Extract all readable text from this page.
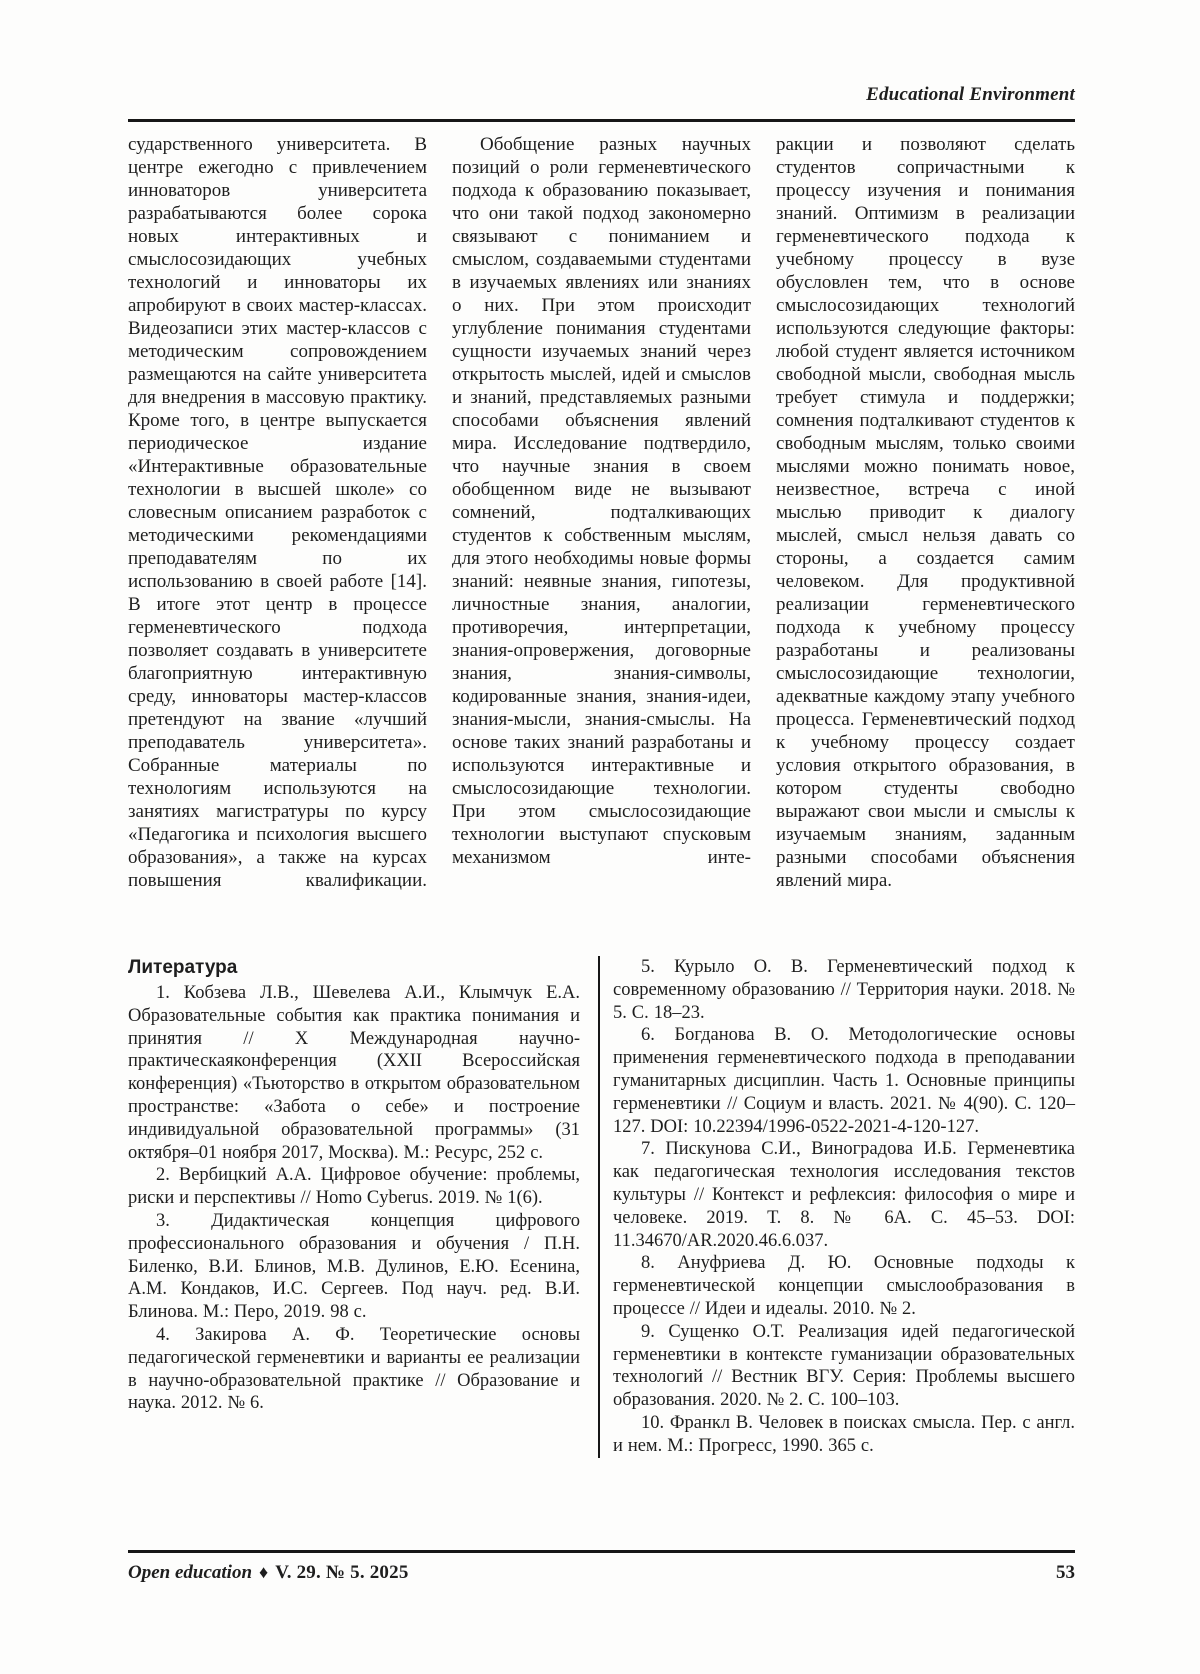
Educational Environment

сударственного университета. В центре ежегодно с привлечением инноваторов университета разрабатываются более сорока новых интерактивных и смыслосозидающих учебных технологий и инноваторы их апробируют в своих мастер-классах. Видеозаписи этих мастер-классов с методическим сопровождением размещаются на сайте университета для внедрения в массовую практику. Кроме того, в центре выпускается периодическое издание «Интерактивные образовательные технологии в высшей школе» со словесным описанием разработок с методическими рекомендациями преподавателям по их использованию в своей работе [14]. В итоге этот центр в процессе герменевтического подхода позволяет создавать в университете благоприятную интерактивную среду, инноваторы мастер-классов претендуют на звание «лучший преподаватель университета». Собранные материалы по технологиям используются на занятиях магистратуры по курсу «Педагогика и психология высшего образования», а также на курсах повышения квалификации.

Обобщение разных научных позиций о роли герменевтического подхода к образованию показывает, что они такой подход закономерно связывают с пониманием и смыслом, создаваемыми студентами в изучаемых явлениях или знаниях о них. При этом происходит углубление понимания студентами сущности изучаемых знаний через открытость мыслей, идей и смыслов и знаний, представляемых разными способами объяснения явлений мира. Исследование подтвердило, что научные знания в своем обобщенном виде не вызывают сомнений, подталкивающих студентов к собственным мыслям, для этого необходимы новые формы знаний: неявные знания, гипотезы, личностные знания, аналогии, противоречия, интерпретации, знания-опровержения, договорные знания, знания-символы, кодированные знания, знания-идеи, знания-мысли, знания-смыслы. На основе таких знаний разработаны и используются интерактивные и смыслосозидающие технологии. При этом смыслосозидающие технологии выступают спусковым механизмом инте-

ракции и позволяют сделать студентов сопричастными к процессу изучения и понимания знаний. Оптимизм в реализации герменевтического подхода к учебному процессу в вузе обусловлен тем, что в основе смыслосозидающих технологий используются следующие факторы: любой студент является источником свободной мысли, свободная мысль требует стимула и поддержки; сомнения подталкивают студентов к свободным мыслям, только своими мыслями можно понимать новое, неизвестное, встреча с иной мыслью приводит к диалогу мыслей, смысл нельзя давать со стороны, а создается самим человеком. Для продуктивной реализации герменевтического подхода к учебному процессу разработаны и реализованы смыслосозидающие технологии, адекватные каждому этапу учебного процесса. Герменевтический подход к учебному процессу создает условия открытого образования, в котором студенты свободно выражают свои мысли и смыслы к изучаемым знаниям, заданным разными способами объяснения явлений мира.

Литература

1. Кобзева Л.В., Шевелева А.И., Клымчук Е.А. Образовательные события как практика понимания и принятия // X Международная научно-практическаяконференция (XXII Всероссийская конференция) «Тьюторство в открытом образовательном пространстве: «Забота о себе» и построение индивидуальной образовательной программы» (31 октября–01 ноября 2017, Москва). М.: Ресурс, 252 с.

2. Вербицкий А.А. Цифровое обучение: проблемы, риски и перспективы // Homo Cyberus. 2019. № 1(6).

3. Дидактическая концепция цифрового профессионального образования и обучения / П.Н. Биленко, В.И. Блинов, М.В. Дулинов, Е.Ю. Есенина, А.М. Кондаков, И.С. Сергеев. Под науч. ред. В.И. Блинова. М.: Перо, 2019. 98 с.

4. Закирова А. Ф. Теоретические основы педагогической герменевтики и варианты ее реализации в научно-образовательной практике // Образование и наука. 2012. № 6.

5. Курыло О. В. Герменевтический подход к современному образованию // Территория науки. 2018. № 5. С. 18–23.

6. Богданова В. О. Методологические основы применения герменевтического подхода в преподавании гуманитарных дисциплин. Часть 1. Основные принципы герменевтики // Социум и власть. 2021. № 4(90). С. 120–127. DOI: 10.22394/1996-0522-2021-4-120-127.

7. Пискунова С.И., Виноградова И.Б. Герменевтика как педагогическая технология исследования текстов культуры // Контекст и рефлексия: философия о мире и человеке. 2019. Т. 8. № 6А. С. 45–53. DOI: 11.34670/AR.2020.46.6.037.

8. Ануфриева Д. Ю. Основные подходы к герменевтической концепции смыслообразования в процессе // Идеи и идеалы. 2010. № 2.

9. Сущенко О.Т. Реализация идей педагогической герменевтики в контексте гуманизации образовательных технологий // Вестник ВГУ. Серия: Проблемы высшего образования. 2020. № 2. С. 100–103.

10. Франкл В. Человек в поисках смысла. Пер. с англ. и нем. М.: Прогресс, 1990. 365 с.

Open education ♦ V. 29. № 5. 2025	53
